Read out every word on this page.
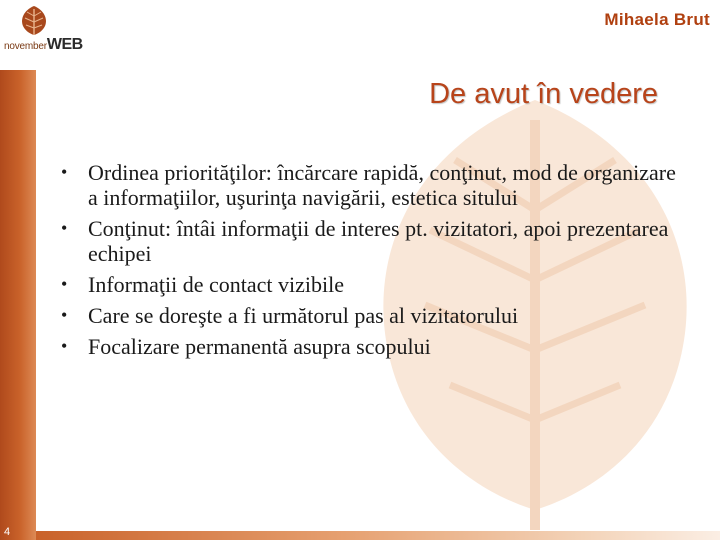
4
novemberWEB
Mihaela Brut
De avut în vedere
• Ordinea priorităţilor: încărcare rapidă, conţinut, mod de organizare a informaţiilor, uşurinţa navigării, estetica sitului
• Conţinut: întâi informaţii de interes pt. vizitatori, apoi prezentarea echipei
• Informaţii de contact vizibile
• Care se doreşte a fi următorul pas al vizitatorului
• Focalizare permanentă asupra scopului
